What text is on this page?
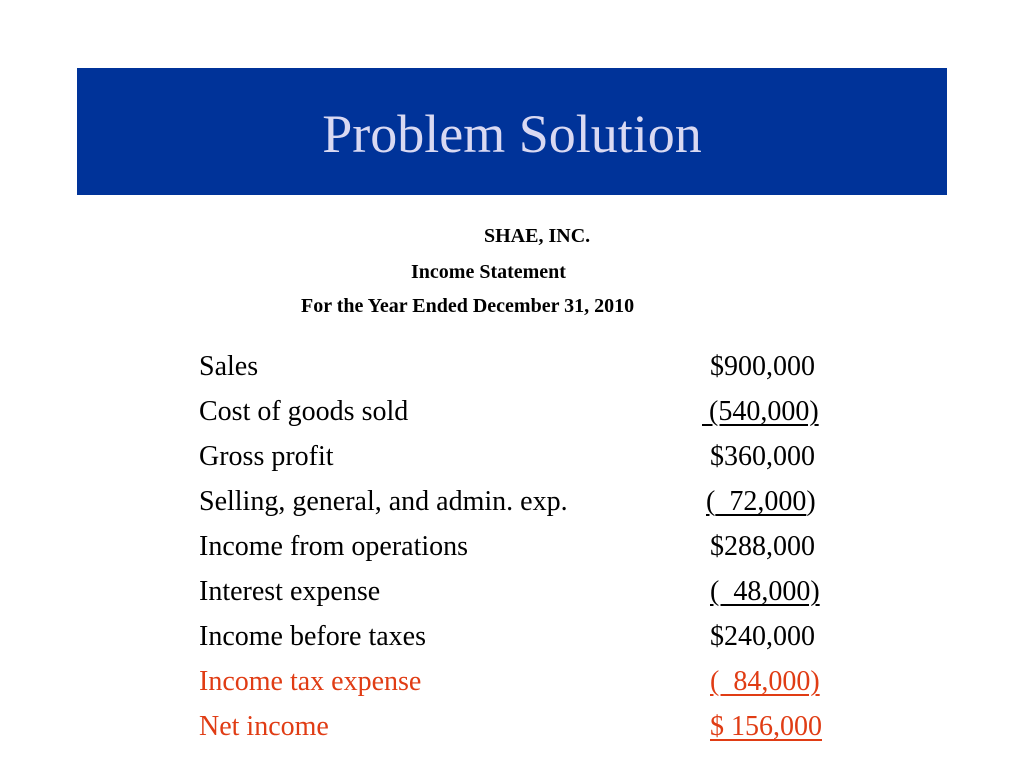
Problem Solution
SHAE, INC.
Income Statement
For the Year Ended December 31, 2010
Sales	$900,000
Cost of goods sold	(540,000)
Gross profit	$360,000
Selling, general, and admin. exp.	(  72,000)
Income from operations	$288,000
Interest expense	(  48,000)
Income before taxes	$240,000
Income tax expense	(  84,000)
Net income	$ 156,000
